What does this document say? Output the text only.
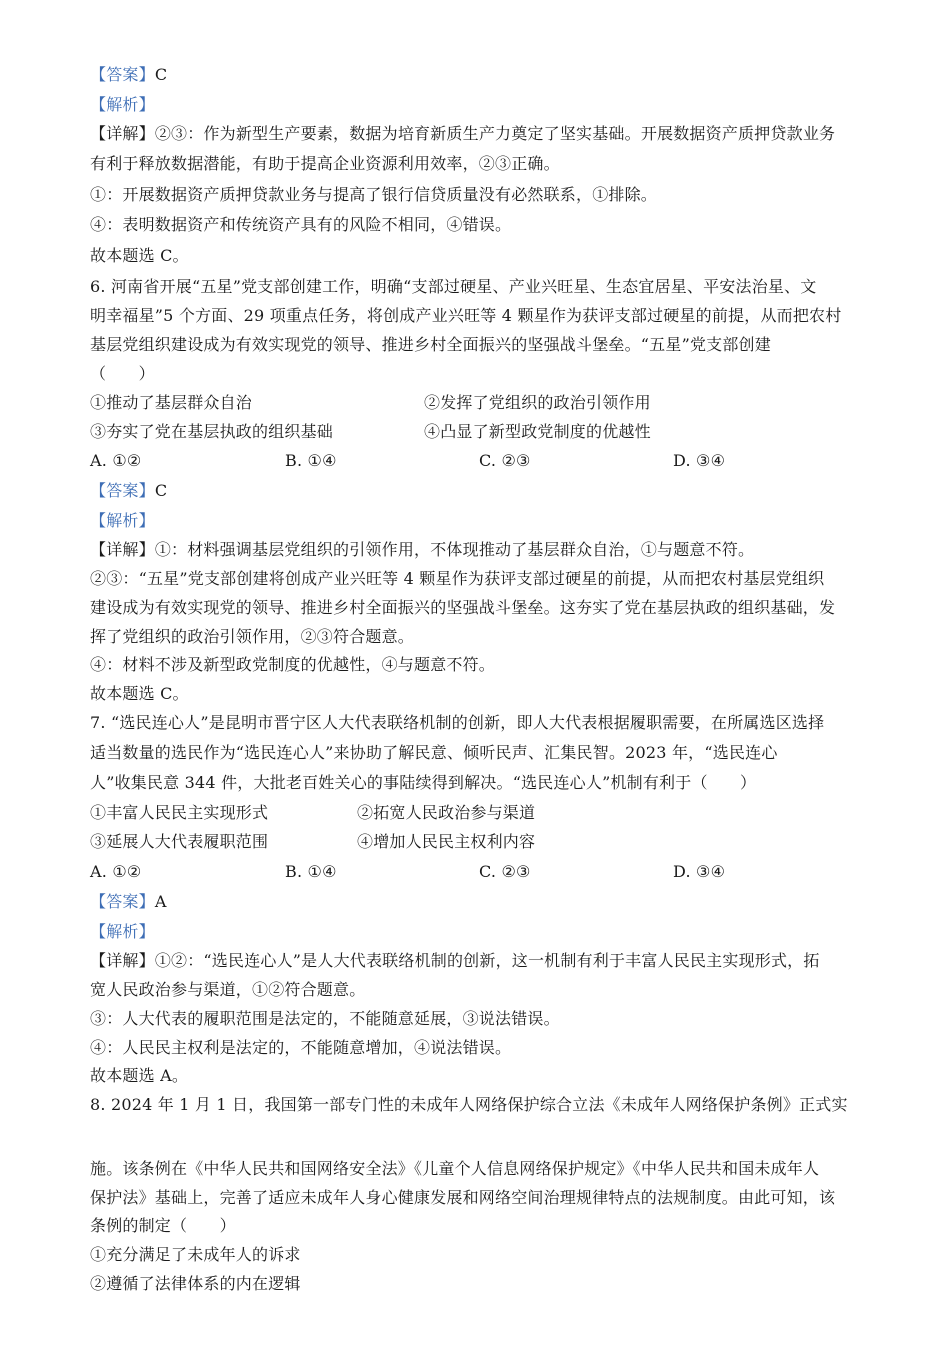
【答案】C
【解析】
【详解】②③：作为新型生产要素，数据为培育新质生产力奠定了坚实基础。开展数据资产质押贷款业务
有利于释放数据潜能，有助于提高企业资源利用效率，②③正确。
①：开展数据资产质押贷款业务与提高了银行信贷质量没有必然联系，①排除。
④：表明数据资产和传统资产具有的风险不相同，④错误。
故本题选 C。
6. 河南省开展“五星”党支部创建工作，明确“支部过硬星、产业兴旺星、生态宜居星、平安法治星、文
明幸福星”5 个方面、29 项重点任务，将创成产业兴旺等 4 颗星作为获评支部过硬星的前提，从而把农村
基层党组织建设成为有效实现党的领导、推进乡村全面振兴的坚强战斗堡垒。“五星”党支部创建
（　　）
①推动了基层群众自治	②发挥了党组织的政治引领作用
③夯实了党在基层执政的组织基础	④凸显了新型政党制度的优越性
A. ①②	B. ①④	C. ②③	D. ③④
【答案】C
【解析】
【详解】①：材料强调基层党组织的引领作用，不体现推动了基层群众自治，①与题意不符。
②③：“五星”党支部创建将创成产业兴旺等 4 颗星作为获评支部过硬星的前提，从而把农村基层党组织
建设成为有效实现党的领导、推进乡村全面振兴的坚强战斗堡垒。这夯实了党在基层执政的组织基础，发
挥了党组织的政治引领作用，②③符合题意。
④：材料不涉及新型政党制度的优越性，④与题意不符。
故本题选 C。
7. “选民连心人”是昆明市晋宁区人大代表联络机制的创新，即人大代表根据履职需要，在所属选区选择
适当数量的选民作为“选民连心人”来协助了解民意、倾听民声、汇集民智。2023 年，“选民连心
人”收集民意 344 件，大批老百姓关心的事陆续得到解决。“选民连心人”机制有利于（　　）
①丰富人民民主实现形式	②拓宽人民政治参与渠道
③延展人大代表履职范围	④增加人民民主权利内容
A. ①②	B. ①④	C. ②③	D. ③④
【答案】A
【解析】
【详解】①②：“选民连心人”是人大代表联络机制的创新，这一机制有利于丰富人民民主实现形式，拓
宽人民政治参与渠道，①②符合题意。
③：人大代表的履职范围是法定的，不能随意延展，③说法错误。
④：人民民主权利是法定的，不能随意增加，④说法错误。
故本题选 A。
8. 2024 年 1 月 1 日，我国第一部专门性的未成年人网络保护综合立法《未成年人网络保护条例》正式实
施。该条例在《中华人民共和国网络安全法》《儿童个人信息网络保护规定》《中华人民共和国未成年人
保护法》基础上，完善了适应未成年人身心健康发展和网络空间治理规律特点的法规制度。由此可知，该
条例的制定（　　）
①充分满足了未成年人的诉求
②遵循了法律体系的内在逻辑
